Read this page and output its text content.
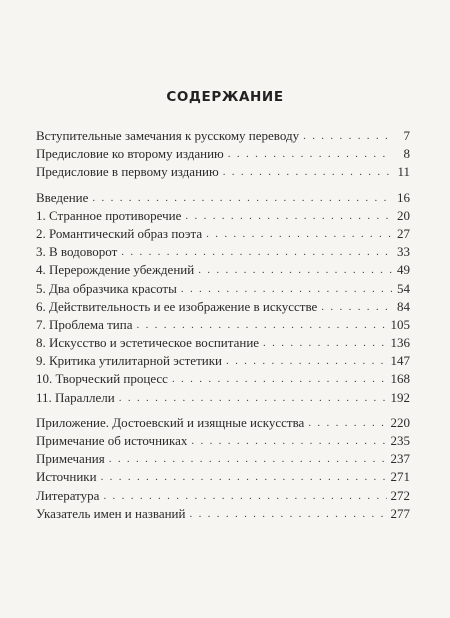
СОДЕРЖАНИЕ
Вступительные замечания к русскому переводу . . .	7
Предисловие ко второму изданию . . .	8
Предисловие в первому изданию . . .	11
Введение . . .	16
1. Странное противоречие . . .	20
2. Романтический образ поэта . . .	27
3. В водоворот . . .	33
4. Перерождение убеждений . . .	49
5. Два образчика красоты . . .	54
6. Действительность и ее изображение в искусстве . . .	84
7. Проблема типа . . .	105
8. Искусство и эстетическое воспитание . . .	136
9. Критика утилитарной эстетики . . .	147
10. Творческий процесс . . .	168
11. Параллели . . .	192
Приложение. Достоевский и изящные искусства . . .	220
Примечание об источниках . . .	235
Примечания . . .	237
Источники . . .	271
Литература . . .	272
Указатель имен и названий . . .	277
